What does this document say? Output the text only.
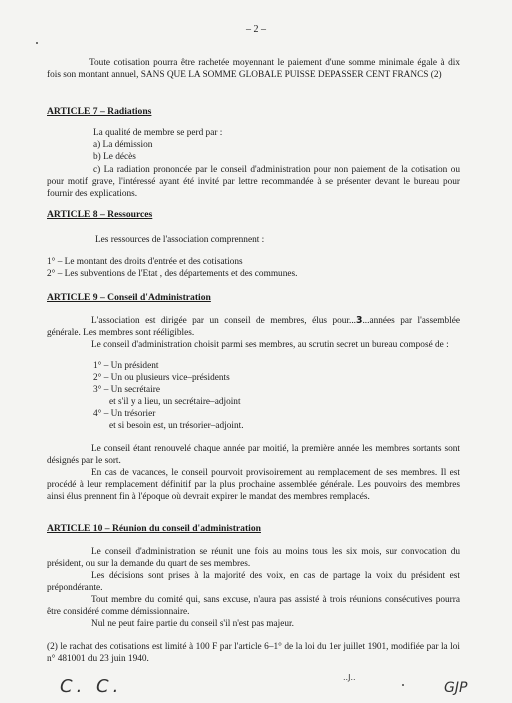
– 2 –
Toute cotisation pourra être rachetée moyennant le paiement d'une somme minimale égale à dix fois son montant annuel, SANS QUE LA SOMME GLOBALE PUISSE DEPASSER CENT FRANCS (2)
ARTICLE 7 – Radiations
La qualité de membre se perd par :
a) La démission
b) Le décès
c) La radiation prononcée par le conseil d'administration pour non paiement de la cotisation ou pour motif grave, l'intéressé ayant été invité par lettre recommandée à se présenter devant le bureau pour fournir des explications.
ARTICLE 8 – Ressources
Les ressources de l'association comprennent :
1° – Le montant des droits d'entrée et des cotisations
2° – Les subventions de l'Etat , des départements et des communes.
ARTICLE 9 – Conseil d'Administration
L'association est dirigée par un conseil de membres, élus pour...3...années par l'assemblée générale. Les membres sont rééligibles.
Le conseil d'administration choisit parmi ses membres, au scrutin secret un bureau composé de :
1° – Un président
2° – Un ou plusieurs vice–présidents
3° – Un secrétaire
et s'il y a lieu, un secrétaire–adjoint
4° – Un trésorier
et si besoin est, un trésorier–adjoint.
Le conseil étant renouvelé chaque année par moitié, la première année les membres sortants sont désignés par le sort.
En cas de vacances, le conseil pourvoit provisoirement au remplacement de ses membres. Il est procédé à leur remplacement définitif par la plus prochaine assemblée générale. Les pouvoirs des membres ainsi élus prennent fin à l'époque où devrait expirer le mandat des membres remplacés.
ARTICLE 10 – Réunion du conseil d'administration
Le conseil d'administration se réunit une fois au moins tous les six mois, sur convocation du président, ou sur la demande du quart de ses membres.
Les décisions sont prises à la majorité des voix, en cas de partage la voix du président est prépondérante.
Tout membre du comité qui, sans excuse, n'aura pas assisté à trois réunions consécutives pourra être considéré comme démissionnaire.
Nul ne peut faire partie du conseil s'il n'est pas majeur.
(2) le rachat des cotisations est limité à 100 F par l'article 6–1° de la loi du 1er juillet 1901, modifiée par la loi n° 481001 du 23 juin 1940.
C. C.	..J..
GJP
